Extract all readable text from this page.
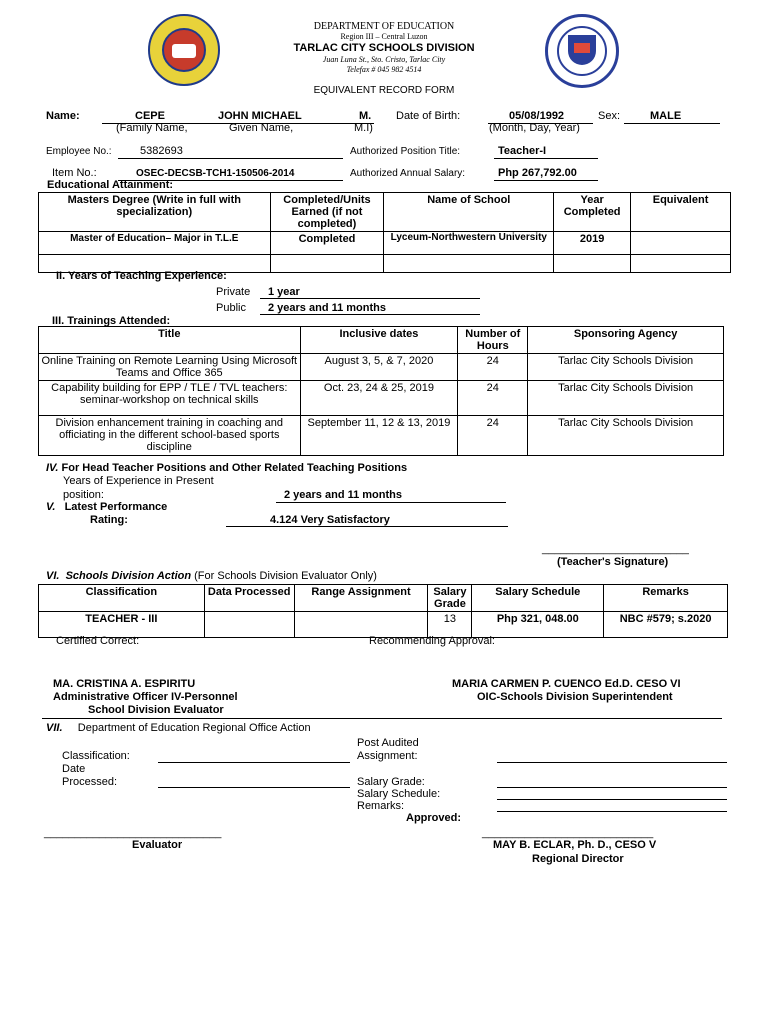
DEPARTMENT OF EDUCATION
Region III – Central Luzon
TARLAC CITY SCHOOLS DIVISION
Juan Luna St., Sto. Cristo, Tarlac City
Telefax # 045 982 4514
EQUIVALENT RECORD FORM
Name:	CEPE	JOHN MICHAEL	M.
(Family Name,	Given Name,	M.I)
Date of Birth:	05/08/1992
(Month, Day, Year)
Sex:	MALE
Employee No.:	5382693	Authorized Position Title:	Teacher-I
Item No.:	OSEC-DECSB-TCH1-150506-2014	Authorized Annual Salary:	Php 267,792.00
Educational Attainment:
Masters Degree (Write in full with specialization)	Completed/Units Earned (if not completed)	Name of School	Year Completed	Equivalent
Master of Education– Major in T.L.E	Completed	Lyceum-Northwestern University	2019	

II. Years of Teaching Experience:
Private 1 year
Public 2 years and 11 months
III. Trainings Attended:
Title	Inclusive dates	Number of Hours	Sponsoring Agency
Online Training on Remote Learning Using Microsoft Teams and Office 365	August 3, 5, & 7, 2020	24	Tarlac City Schools Division
Capability building for EPP / TLE / TVL teachers: seminar-workshop on technical skills	Oct. 23, 24 & 25, 2019	24	Tarlac City Schools Division
Division enhancement training in coaching and officiating in the different school-based sports discipline	September 11, 12 & 13, 2019	24	Tarlac City Schools Division
IV. For Head Teacher Positions and Other Related Teaching Positions
Years of Experience in Present
position:	2 years and 11 months
V. Latest Performance
Rating:	4.124 Very Satisfactory
________________________
(Teacher's Signature)
VI. Schools Division Action (For Schools Division Evaluator Only)
Classification	Data Processed	Range Assignment	Salary Grade	Salary Schedule	Remarks
TEACHER - III			13	Php 321, 048.00	NBC #579; s.2020
Certified Correct:	Recommending Approval:
MA. CRISTINA A. ESPIRITU
Administrative Officer IV-Personnel
School Division Evaluator
MARIA CARMEN P. CUENCO Ed.D. CESO VI
OIC-Schools Division Superintendent
VII. Department of Education Regional Office Action
Post Audited
Classification:	Assignment:
Date
Processed:	Salary Grade:
Salary Schedule:
Remarks:
Approved:
_____________________________
Evaluator
____________________________
MAY B. ECLAR, Ph. D., CESO V
Regional Director
